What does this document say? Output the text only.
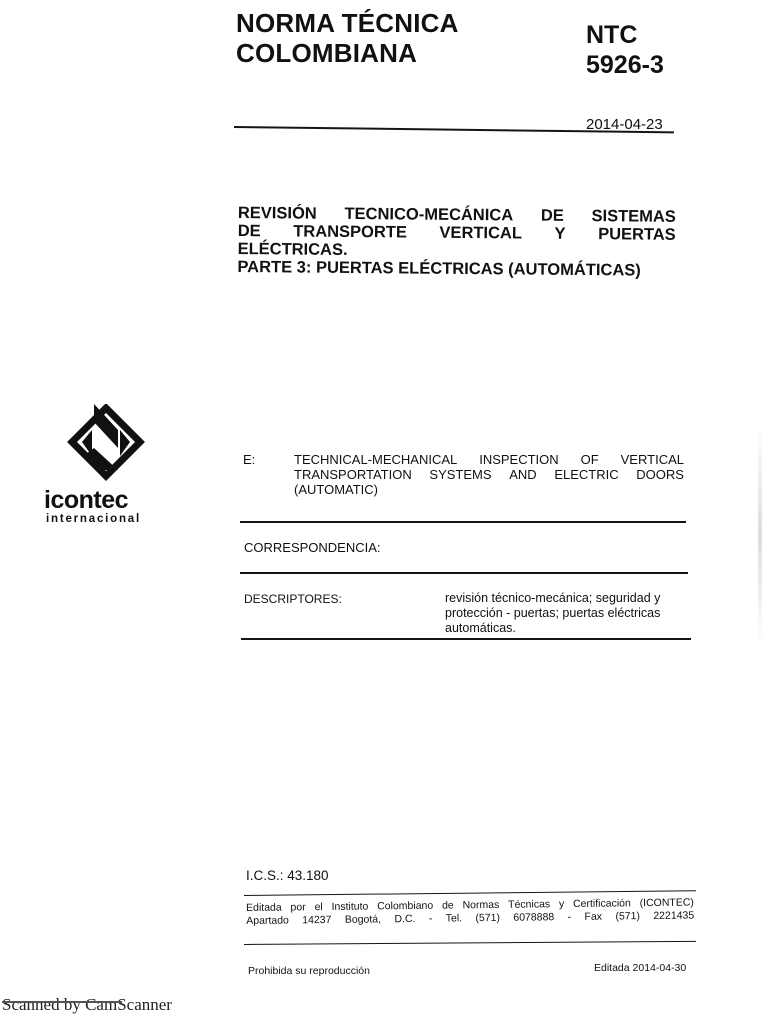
NORMA TÉCNICA
COLOMBIANA
NTC
5926-3
2014-04-23
REVISIÓN TECNICO-MECÁNICA DE SISTEMAS
DE TRANSPORTE VERTICAL Y PUERTAS
ELÉCTRICAS.
PARTE 3: PUERTAS ELÉCTRICAS (AUTOMÁTICAS)
icontec
internacional
E:	TECHNICAL-MECHANICAL INSPECTION OF VERTICAL
TRANSPORTATION SYSTEMS AND ELECTRIC DOORS
(AUTOMATIC)
CORRESPONDENCIA:
DESCRIPTORES:	revisión técnico-mecánica; seguridad y
protección - puertas; puertas eléctricas
automáticas.
I.C.S.: 43.180
Editada por el Instituto Colombiano de Normas Técnicas y Certificación (ICONTEC)
Apartado 14237 Bogotá, D.C. - Tel. (571) 6078888 - Fax (571) 2221435
Prohibida su reproducción	Editada 2014-04-30
Scanned by CamScanner
